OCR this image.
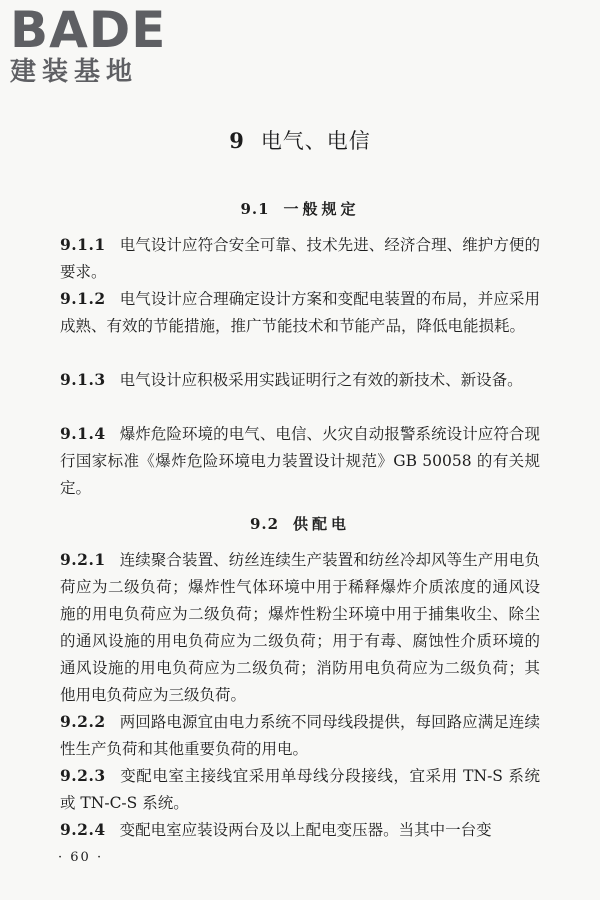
BADE
建装基地
9 电气、电信
9.1 一般规定
9.1.1 电气设计应符合安全可靠、技术先进、经济合理、维护方便的要求。
9.1.2 电气设计应合理确定设计方案和变配电装置的布局，并应采用成熟、有效的节能措施，推广节能技术和节能产品，降低电能损耗。
9.1.3 电气设计应积极采用实践证明行之有效的新技术、新设备。
9.1.4 爆炸危险环境的电气、电信、火灾自动报警系统设计应符合现行国家标准《爆炸危险环境电力装置设计规范》GB 50058 的有关规定。
9.2 供配电
9.2.1 连续聚合装置、纺丝连续生产装置和纺丝冷却风等生产用电负荷应为二级负荷；爆炸性气体环境中用于稀释爆炸介质浓度的通风设施的用电负荷应为二级负荷；爆炸性粉尘环境中用于捕集收尘、除尘的通风设施的用电负荷应为二级负荷；用于有毒、腐蚀性介质环境的通风设施的用电负荷应为二级负荷；消防用电负荷应为二级负荷；其他用电负荷应为三级负荷。
9.2.2 两回路电源宜由电力系统不同母线段提供，每回路应满足连续性生产负荷和其他重要负荷的用电。
9.2.3 变配电室主接线宜采用单母线分段接线，宜采用 TN-S 系统或 TN-C-S 系统。
9.2.4 变配电室应装设两台及以上配电变压器。当其中一台变
· 60 ·
